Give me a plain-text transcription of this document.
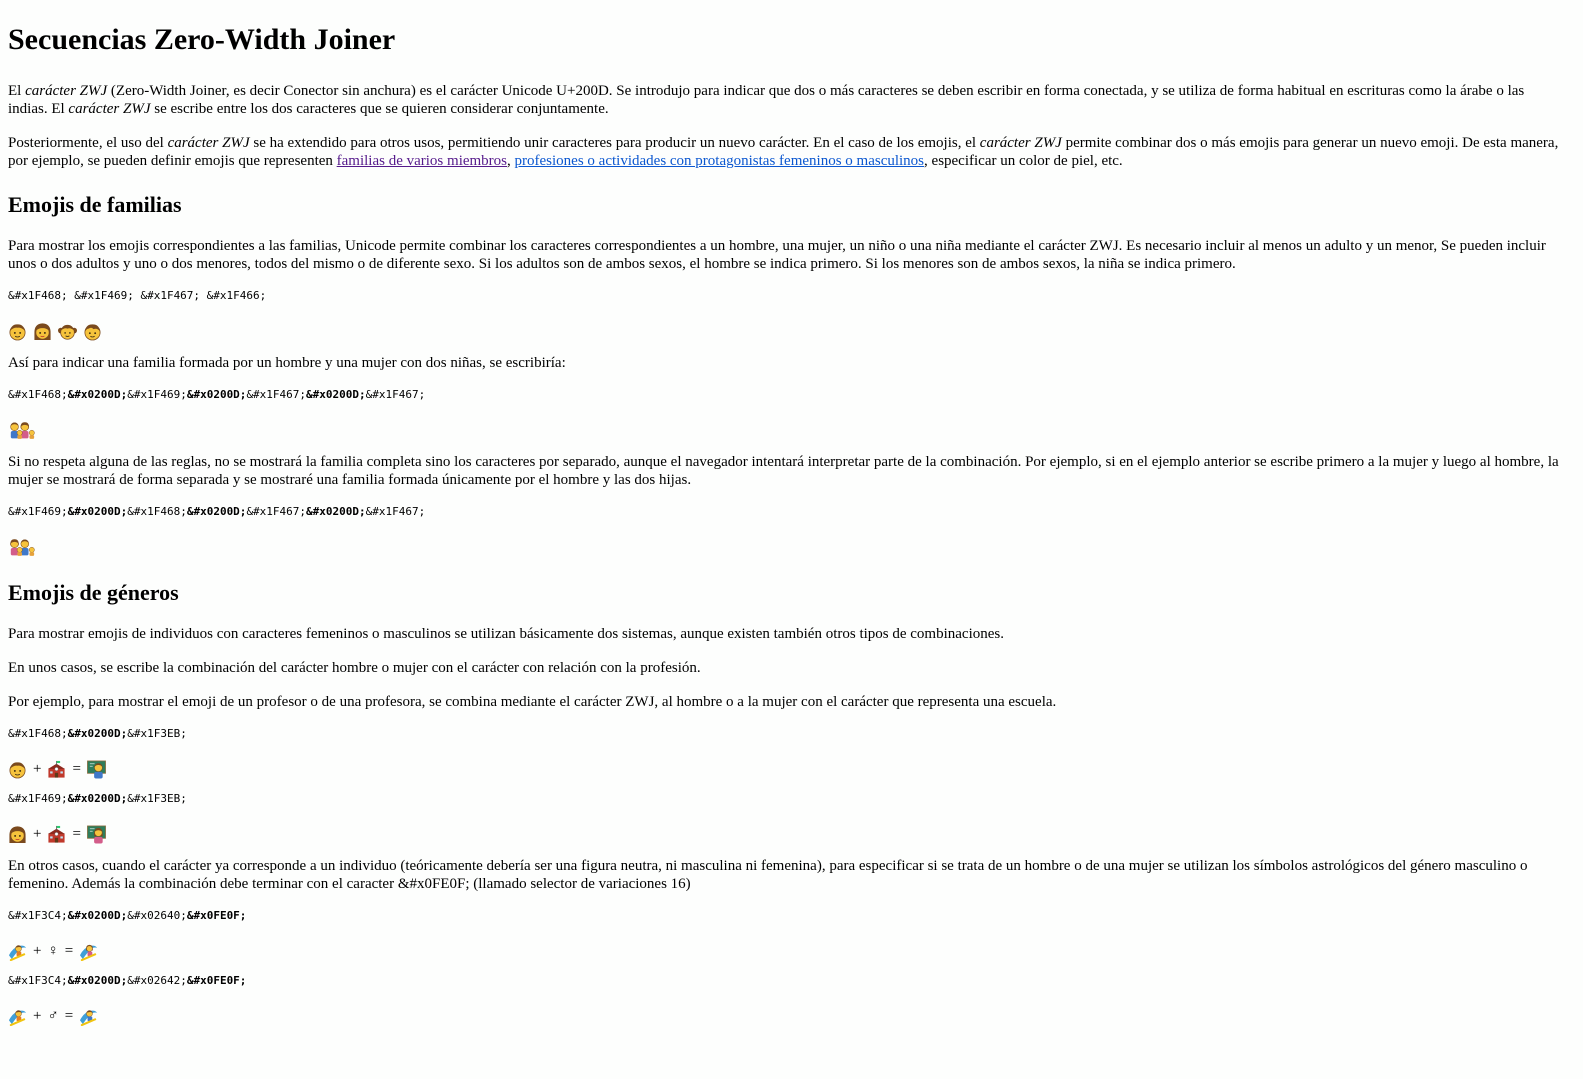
Secuencias Zero-Width Joiner

El carácter ZWJ (Zero-Width Joiner, es decir Conector sin anchura) es el carácter Unicode U+200D. Se introdujo para indicar que dos o más caracteres se deben escribir en forma conectada, y se utiliza de forma habitual en escrituras como la árabe o las indias. El carácter ZWJ se escribe entre los dos caracteres que se quieren considerar conjuntamente.

Posteriormente, el uso del carácter ZWJ se ha extendido para otros usos, permitiendo unir caracteres para producir un nuevo carácter. En el caso de los emojis, el carácter ZWJ permite combinar dos o más emojis para generar un nuevo emoji. De esta manera, por ejemplo, se pueden definir emojis que representen familias de varios miembros, profesiones o actividades con protagonistas femeninos o masculinos, especificar un color de piel, etc.

Emojis de familias

Para mostrar los emojis correspondientes a las familias, Unicode permite combinar los caracteres correspondientes a un hombre, una mujer, un niño o una niña mediante el carácter ZWJ. Es necesario incluir al menos un adulto y un menor, Se pueden incluir unos o dos adultos y uno o dos menores, todos del mismo o de diferente sexo. Si los adultos son de ambos sexos, el hombre se indica primero. Si los menores son de ambos sexos, la niña se indica primero.

&#x1F468; &#x1F469; &#x1F467; &#x1F466;

Así para indicar una familia formada por un hombre y una mujer con dos niñas, se escribiría:

&#x1F468;&#x0200D;&#x1F469;&#x0200D;&#x1F467;&#x0200D;&#x1F467;

Si no respeta alguna de las reglas, no se mostrará la familia completa sino los caracteres por separado, aunque el navegador intentará interpretar parte de la combinación. Por ejemplo, si en el ejemplo anterior se escribe primero a la mujer y luego al hombre, la mujer se mostrará de forma separada y se mostraré una familia formada únicamente por el hombre y las dos hijas.

&#x1F469;&#x0200D;&#x1F468;&#x0200D;&#x1F467;&#x0200D;&#x1F467;
Emojis de géneros

Para mostrar emojis de individuos con caracteres femeninos o masculinos se utilizan básicamente dos sistemas, aunque existen también otros tipos de combinaciones.

En unos casos, se escribe la combinación del carácter hombre o mujer con el carácter con relación con la profesión.

Por ejemplo, para mostrar el emoji de un profesor o de una profesora, se combina mediante el carácter ZWJ, al hombre o a la mujer con el carácter que representa una escuela.

&#x1F468;&#x0200D;&#x1F3EB;
+ =
&#x1F469;&#x0200D;&#x1F3EB;
+ =

En otros casos, cuando el carácter ya corresponde a un individuo (teóricamente debería ser una figura neutra, ni masculina ni femenina), para especificar si se trata de un hombre o de una mujer se utilizan los símbolos astrológicos del género masculino o femenino. Además la combinación debe terminar con el caracter &#x0FE0F; (llamado selector de variaciones 16)

&#x1F3C4;&#x0200D;&#x02640;&#x0FE0F;
+ ♀ =
&#x1F3C4;&#x0200D;&#x02642;&#x0FE0F;
+ ♂ =
